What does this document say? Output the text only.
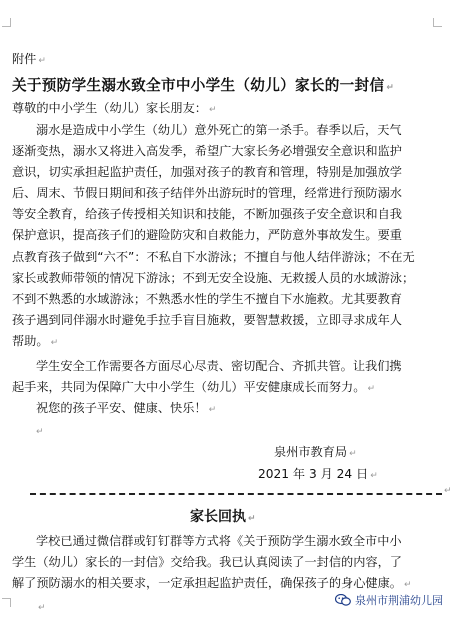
附件 ↵
关于预防学生溺水致全市中小学生（幼儿）家长的一封信 ↵
尊敬的中小学生（幼儿）家长朋友： ↵
溺水是造成中小学生（幼儿）意外死亡的第一杀手。春季以后，天气
逐渐变热，溺水又将进入高发季，希望广大家长务必增强安全意识和监护
意识，切实承担起监护责任，加强对孩子的教育和管理，特别是加强放学
后、周末、节假日期间和孩子结伴外出游玩时的管理，经常进行预防溺水
等安全教育，给孩子传授相关知识和技能，不断加强孩子安全意识和自我
保护意识，提高孩子们的避险防灾和自救能力，严防意外事故发生。要重
点教育孩子做到“六不”：不私自下水游泳；不擅自与他人结伴游泳；不在无
家长或教师带领的情况下游泳；不到无安全设施、无救援人员的水域游泳；
不到不熟悉的水域游泳；不熟悉水性的学生不擅自下水施救。尤其要教育
孩子遇到同伴溺水时避免手拉手盲目施救，要智慧救援，立即寻求成年人
帮助。 ↵
学生安全工作需要各方面尽心尽责、密切配合、齐抓共管。让我们携
起手来，共同为保障广大中小学生（幼儿）平安健康成长而努力。 ↵
祝您的孩子平安、健康、快乐！ ↵
↵
泉州市教育局 ↵
2021 年 3 月 24 日 ↵
↵
家长回执 ↵
学校已通过微信群或钉钉群等方式将《关于预防学生溺水致全市中小
学生（幼儿）家长的一封信》交给我。我已认真阅读了一封信的内容，了
解了预防溺水的相关要求，一定承担起监护责任，确保孩子的身心健康。 ↵
↵
泉州市荆浦幼儿园
